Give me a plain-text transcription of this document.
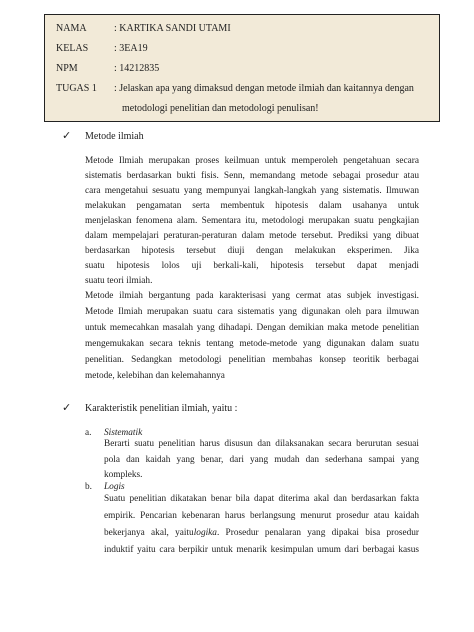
NAMA	: KARTIKA SANDI UTAMI
KELAS	: 3EA19
NPM	: 14212835
TUGAS 1 : Jelaskan apa yang dimaksud dengan metode ilmiah dan kaitannya dengan
metodologi penelitian dan metodologi penulisan!
✓ Metode ilmiah
Metode Ilmiah merupakan proses keilmuan untuk memperoleh pengetahuan secara
sistematis berdasarkan bukti fisis. Senn, memandang metode sebagai prosedur atau
cara mengetahui sesuatu yang mempunyai langkah-langkah yang sistematis. Ilmuwan
melakukan pengamatan serta membentuk hipotesis dalam usahanya untuk
menjelaskan fenomena alam. Sementara itu, metodologi merupakan suatu pengkajian
dalam mempelajari peraturan-peraturan dalam metode tersebut. Prediksi yang dibuat
berdasarkan hipotesis tersebut diuji dengan melakukan eksperimen. Jika
suatu hipotesis lolos uji berkali-kali, hipotesis tersebut dapat menjadi
suatu teori ilmiah.
Metode ilmiah bergantung pada karakterisasi yang cermat atas subjek investigasi.
Metode Ilmiah merupakan suatu cara sistematis yang digunakan oleh para ilmuwan
untuk memecahkan masalah yang dihadapi. Dengan demikian maka metode penelitian
mengemukakan secara teknis tentang metode-metode yang digunakan dalam suatu
penelitian. Sedangkan metodologi penelitian membahas konsep teoritik berbagai
metode, kelebihan dan kelemahannya
✓ Karakteristik penelitian ilmiah, yaitu :
a. Sistematik
Berarti suatu penelitian harus disusun dan dilaksanakan secara berurutan sesuai
pola dan kaidah yang benar, dari yang mudah dan sederhana sampai yang
kompleks.
b. Logis
Suatu penelitian dikatakan benar bila dapat diterima akal dan berdasarkan fakta
empirik. Pencarian kebenaran harus berlangsung menurut prosedur atau kaidah
bekerjanya akal, yaitulogika. Prosedur penalaran yang dipakai bisa prosedur
induktif yaitu cara berpikir untuk menarik kesimpulan umum dari berbagai kasus
